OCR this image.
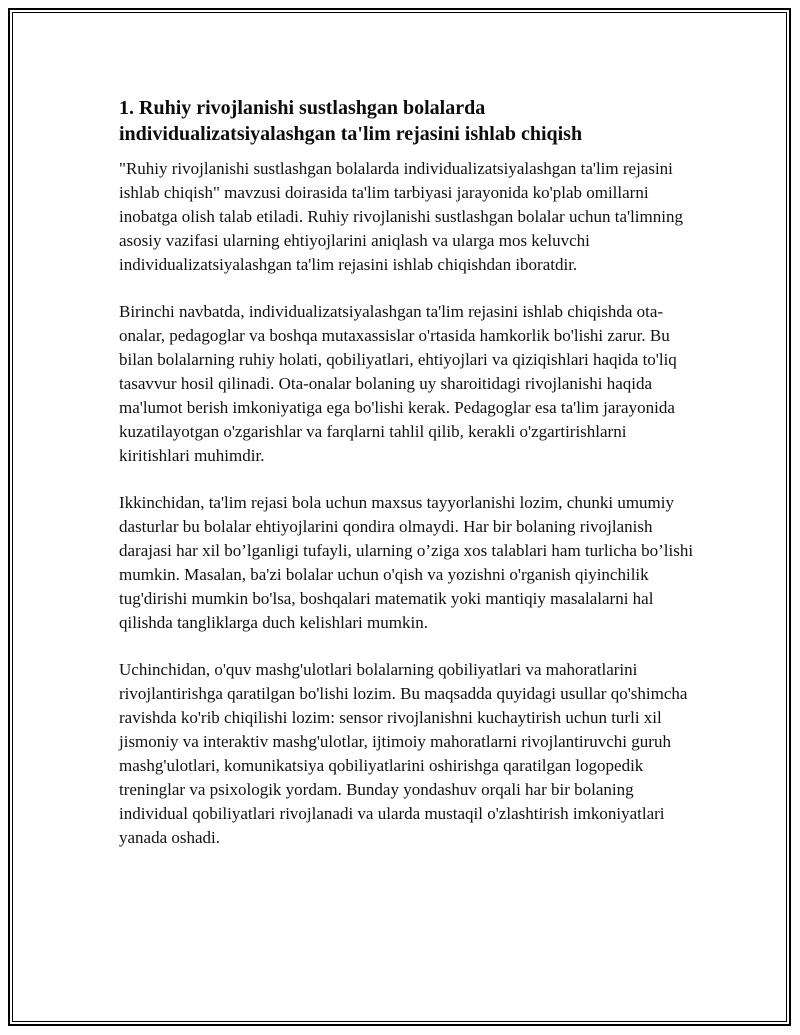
1. Ruhiy rivojlanishi sustlashgan bolalarda individualizatsiyalashgan ta'lim rejasini ishlab chiqish

"Ruhiy rivojlanishi sustlashgan bolalarda individualizatsiyalashgan ta'lim rejasini ishlab chiqish" mavzusi doirasida ta'lim tarbiyasi jarayonida ko'plab omillarni inobatga olish talab etiladi. Ruhiy rivojlanishi sustlashgan bolalar uchun ta'limning asosiy vazifasi ularning ehtiyojlarini aniqlash va ularga mos keluvchi individualizatsiyalashgan ta'lim rejasini ishlab chiqishdan iboratdir.

Birinchi navbatda, individualizatsiyalashgan ta'lim rejasini ishlab chiqishda ota-onalar, pedagoglar va boshqa mutaxassislar o'rtasida hamkorlik bo'lishi zarur. Bu bilan bolalarning ruhiy holati, qobiliyatlari, ehtiyojlari va qiziqishlari haqida to'liq tasavvur hosil qilinadi. Ota-onalar bolaning uy sharoitidagi rivojlanishi haqida ma'lumot berish imkoniyatiga ega bo'lishi kerak. Pedagoglar esa ta'lim jarayonida kuzatilayotgan o'zgarishlar va farqlarni tahlil qilib, kerakli o'zgartirishlarni kiritishlari muhimdir.

Ikkinchidan, ta'lim rejasi bola uchun maxsus tayyorlanishi lozim, chunki umumiy dasturlar bu bolalar ehtiyojlarini qondira olmaydi. Har bir bolaning rivojlanish darajasi har xil bo’lganligi tufayli, ularning o’ziga xos talablari ham turlicha bo’lishi mumkin. Masalan, ba'zi bolalar uchun o'qish va yozishni o'rganish qiyinchilik tug'dirishi mumkin bo'lsa, boshqalari matematik yoki mantiqiy masalalarni hal qilishda tangliklarga duch kelishlari mumkin.

Uchinchidan, o'quv mashg'ulotlari bolalarning qobiliyatlari va mahoratlarini rivojlantirishga qaratilgan bo'lishi lozim. Bu maqsadda quyidagi usullar qo'shimcha ravishda ko'rib chiqilishi lozim: sensor rivojlanishni kuchaytirish uchun turli xil jismoniy va interaktiv mashg'ulotlar, ijtimoiy mahoratlarni rivojlantiruvchi guruh mashg'ulotlari, komunikatsiya qobiliyatlarini oshirishga qaratilgan logopedik treninglar va psixologik yordam. Bunday yondashuv orqali har bir bolaning individual qobiliyatlari rivojlanadi va ularda mustaqil o'zlashtirish imkoniyatlari yanada oshadi.
